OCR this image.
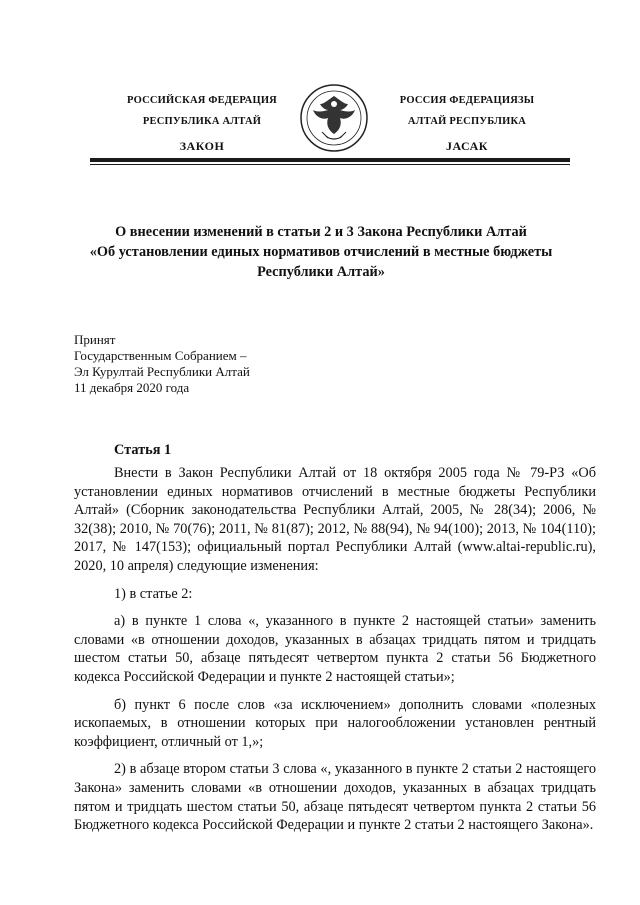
РОССИЙСКАЯ ФЕДЕРАЦИЯ
РЕСПУБЛИКА АЛТАЙ
ЗАКОН
РОССИЯ ФЕДЕРАЦИЯЗЫ
АЛТАЙ РЕСПУБЛИКА
JАСАК
О внесении изменений в статьи 2 и 3 Закона Республики Алтай
«Об установлении единых нормативов отчислений в местные бюджеты
Республики Алтай»
Принят
Государственным Собранием –
Эл Курултай Республики Алтай
11 декабря 2020 года
Статья 1

Внести в Закон Республики Алтай от 18 октября 2005 года № 79-РЗ «Об установлении единых нормативов отчислений в местные бюджеты Республики Алтай» (Сборник законодательства Республики Алтай, 2005, № 28(34); 2006, № 32(38); 2010, № 70(76); 2011, № 81(87); 2012, № 88(94), № 94(100); 2013, № 104(110); 2017, № 147(153); официальный портал Республики Алтай (www.altai-republic.ru), 2020, 10 апреля) следующие изменения:

1) в статье 2:

а) в пункте 1 слова «, указанного в пункте 2 настоящей статьи» заменить словами «в отношении доходов, указанных в абзацах тридцать пятом и тридцать шестом статьи 50, абзаце пятьдесят четвертом пункта 2 статьи 56 Бюджетного кодекса Российской Федерации и пункте 2 настоящей статьи»;

б) пункт 6 после слов «за исключением» дополнить словами «полезных ископаемых, в отношении которых при налогообложении установлен рентный коэффициент, отличный от 1,»;

2) в абзаце втором статьи 3 слова «, указанного в пункте 2 статьи 2 настоящего Закона» заменить словами «в отношении доходов, указанных в абзацах тридцать пятом и тридцать шестом статьи 50, абзаце пятьдесят четвертом пункта 2 статьи 56 Бюджетного кодекса Российской Федерации и пункте 2 статьи 2 настоящего Закона».
